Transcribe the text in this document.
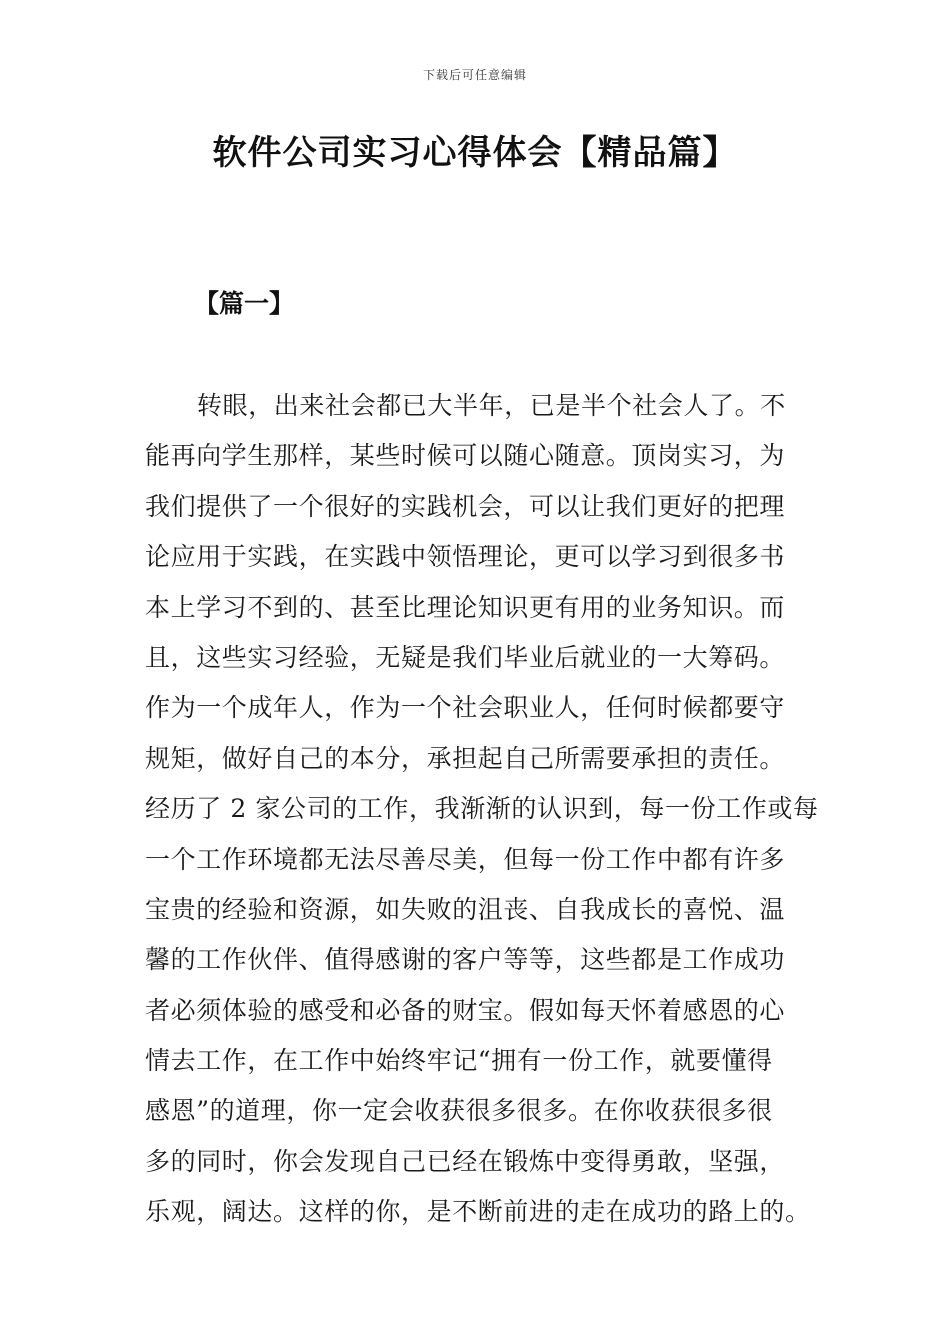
下载后可任意编辑
软件公司实习心得体会【精品篇】
【篇一】
转眼，出来社会都已大半年，已是半个社会人了。不
能再向学生那样，某些时候可以随心随意。顶岗实习，为
我们提供了一个很好的实践机会，可以让我们更好的把理
论应用于实践，在实践中领悟理论，更可以学习到很多书
本上学习不到的、甚至比理论知识更有用的业务知识。而
且，这些实习经验，无疑是我们毕业后就业的一大筹码。
作为一个成年人，作为一个社会职业人，任何时候都要守
规矩，做好自己的本分，承担起自己所需要承担的责任。
经历了 2 家公司的工作，我渐渐的认识到，每一份工作或每
一个工作环境都无法尽善尽美，但每一份工作中都有许多
宝贵的经验和资源，如失败的沮丧、自我成长的喜悦、温
馨的工作伙伴、值得感谢的客户等等，这些都是工作成功
者必须体验的感受和必备的财宝。假如每天怀着感恩的心
情去工作，在工作中始终牢记“拥有一份工作，就要懂得
感恩”的道理，你一定会收获很多很多。在你收获很多很
多的同时，你会发现自己已经在锻炼中变得勇敢，坚强，
乐观，阔达。这样的你，是不断前进的走在成功的路上的。
